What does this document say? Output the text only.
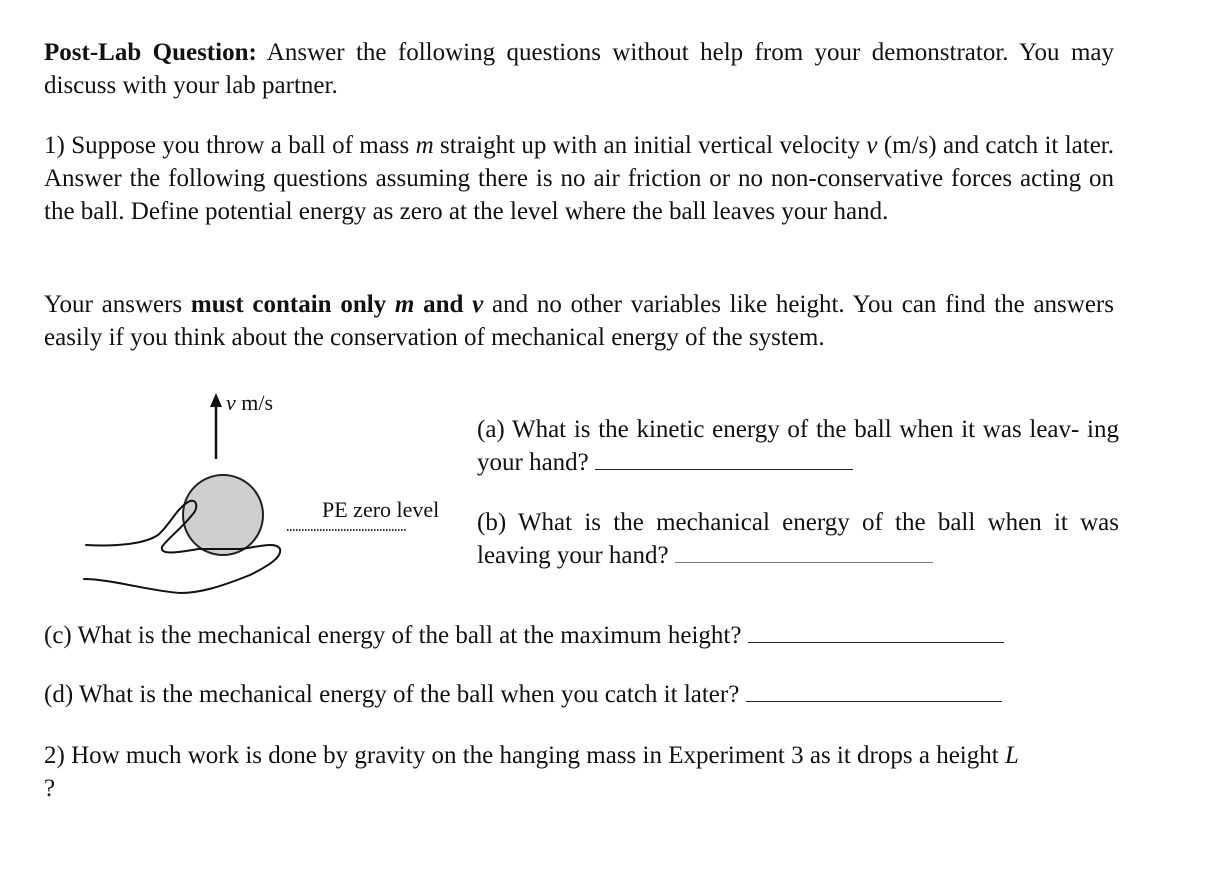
Post-Lab Question: Answer the following questions without help from your demonstrator. You may discuss with your lab partner.

1) Suppose you throw a ball of mass m straight up with an initial vertical velocity v (m/s) and catch it later. Answer the following questions assuming there is no air friction or no non-conservative forces acting on the ball. Define potential energy as zero at the level where the ball leaves your hand.

Your answers must contain only m and v and no other variables like height. You can find the answers easily if you think about the conservation of mechanical energy of the system.

v m/s
PE zero level
(a) What is the kinetic energy of the ball when it was leav- ing your hand?
(b) What is the mechanical energy of the ball when it was leaving your hand?

(c) What is the mechanical energy of the ball at the maximum height?

(d) What is the mechanical energy of the ball when you catch it later?

2) How much work is done by gravity on the hanging mass in Experiment 3 as it drops a height L
?
